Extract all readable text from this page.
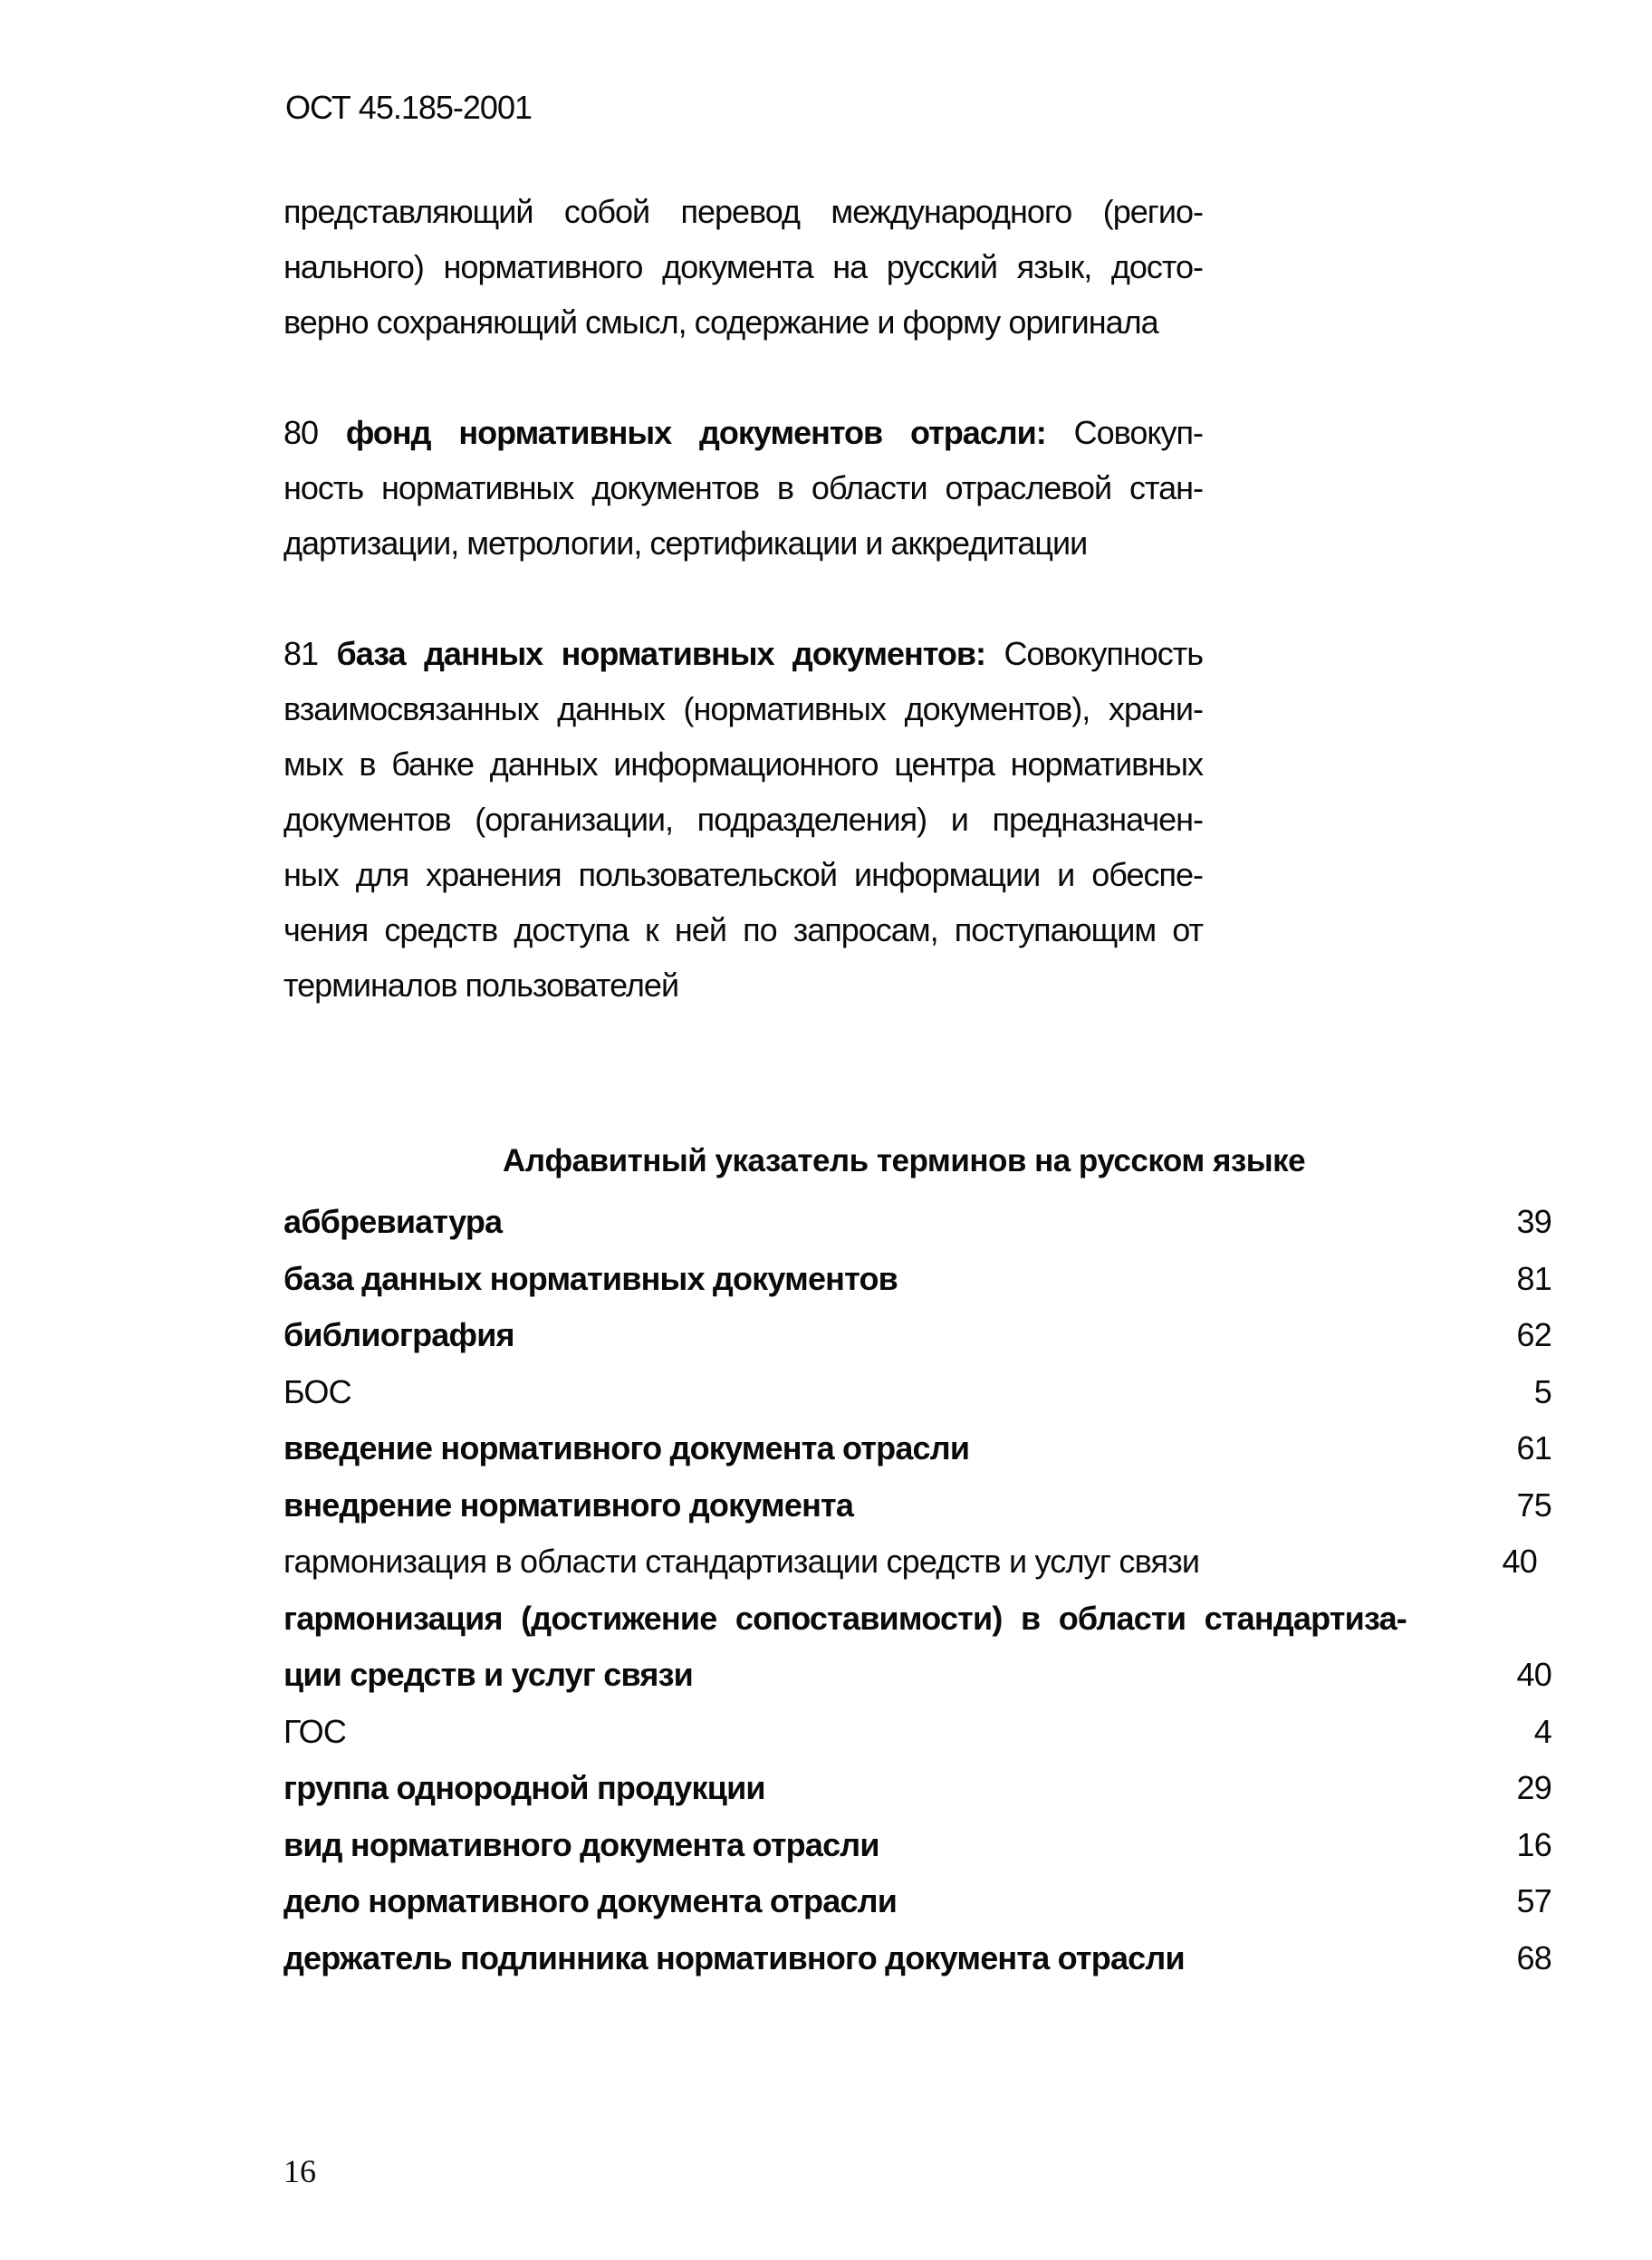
ОСТ 45.185-2001
представляющий собой перевод международного (регио-
нального) нормативного документа на русский язык, досто-
верно сохраняющий смысл, содержание и форму оригинала
80 фонд нормативных документов отрасли: Совокуп-
ность нормативных документов в области отраслевой стан-
дартизации, метрологии, сертификации и аккредитации
81 база данных нормативных документов: Совокупность
взаимосвязанных данных (нормативных документов), храни-
мых в банке данных информационного центра нормативных
документов (организации, подразделения) и предназначен-
ных для хранения пользовательской информации и обеспе-
чения средств доступа к ней по запросам, поступающим от
терминалов пользователей
Алфавитный указатель терминов на русском языке
аббревиатура	39
база данных нормативных документов	81
библиография	62
БОС	5
введение нормативного документа отрасли	61
внедрение нормативного документа	75
гармонизация в области стандартизации средств и услуг связи	40
гармонизация (достижение сопоставимости) в области стандартиза-
ции средств и услуг связи	40
ГОС	4
группа однородной продукции	29
вид нормативного документа отрасли	16
дело нормативного документа отрасли	57
держатель подлинника нормативного документа отрасли	68
16
